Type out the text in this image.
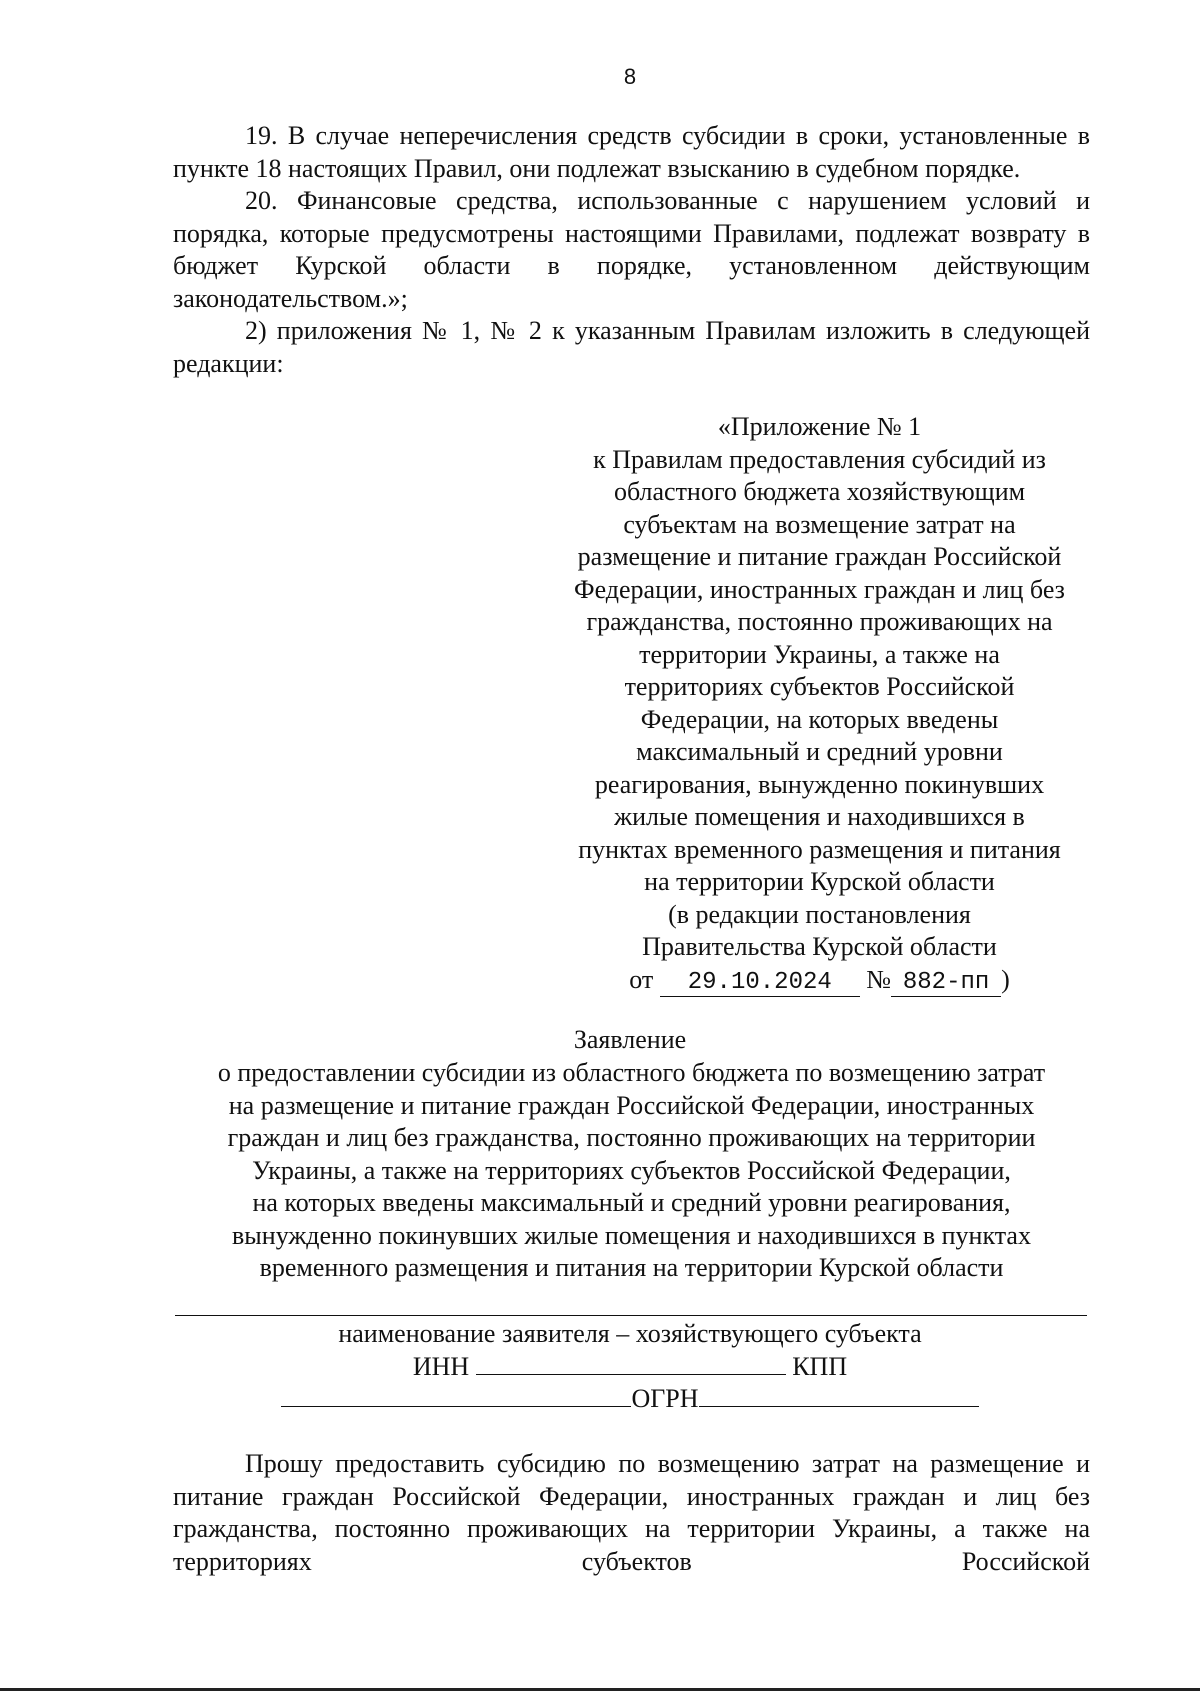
8

19. В случае неперечисления средств субсидии в сроки, установленные в пункте 18 настоящих Правил, они подлежат взысканию в судебном порядке.

20. Финансовые средства, использованные с нарушением условий и порядка, которые предусмотрены настоящими Правилами, подлежат возврату в бюджет Курской области в порядке, установленном действующим законодательством.»;

2) приложения № 1, № 2 к указанным Правилам изложить в следующей редакции:

«Приложение № 1
к Правилам предоставления субсидий из
областного бюджета хозяйствующим
субъектам на возмещение затрат на
размещение и питание граждан Российской
Федерации, иностранных граждан и лиц без
гражданства, постоянно проживающих на
территории Украины, а также на
территориях субъектов Российской
Федерации, на которых введены
максимальный и средний уровни
реагирования, вынужденно покинувших
жилые помещения и находившихся в
пунктах временного размещения и питания
на территории Курской области
(в редакции постановления
Правительства Курской области
от 29.10.2024 № 882-пп )
Заявление
о предоставлении субсидии из областного бюджета по возмещению затрат
на размещение и питание граждан Российской Федерации, иностранных
граждан и лиц без гражданства, постоянно проживающих на территории
Украины, а также на территориях субъектов Российской Федерации,
на которых введены максимальный и средний уровни реагирования,
вынужденно покинувших жилые помещения и находившихся в пунктах
временного размещения и питания на территории Курской области
наименование заявителя – хозяйствующего субъекта
ИНН	КПП
ОГРН

Прошу предоставить субсидию по возмещению затрат на размещение и питание граждан Российской Федерации, иностранных граждан и лиц без гражданства, постоянно проживающих на территории Украины, а также на территориях субъектов Российской
